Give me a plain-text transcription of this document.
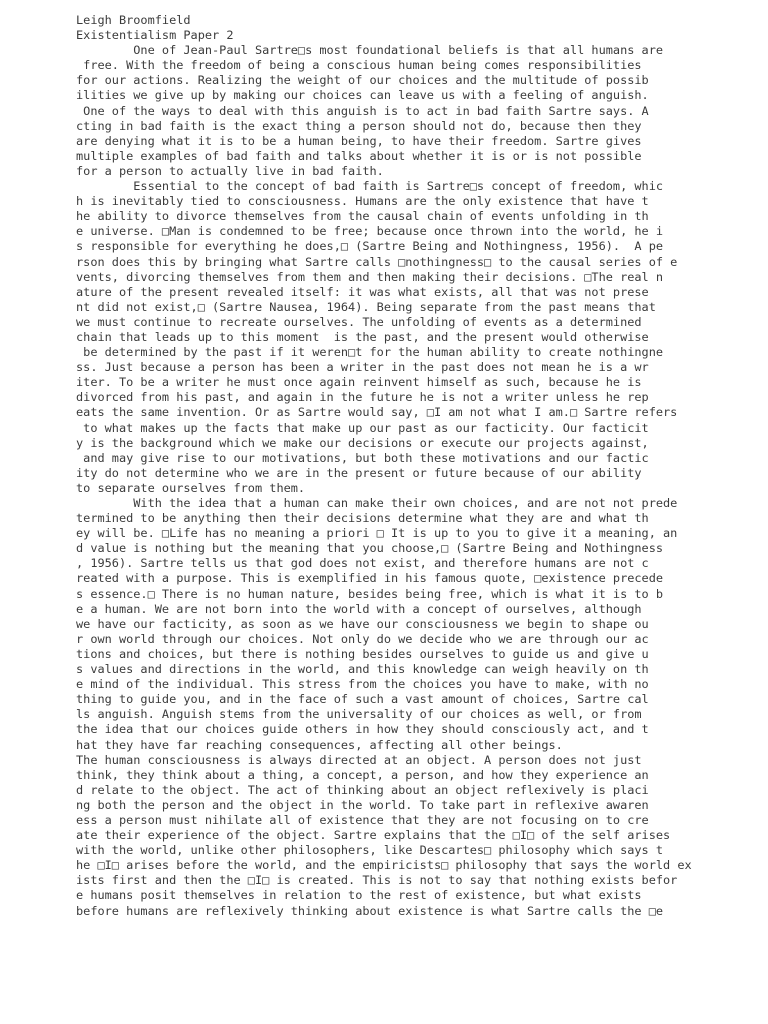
Leigh Broomfield
Existentialism Paper 2
One of Jean-Paul Sartre□s most foundational beliefs is that all humans are
free. With the freedom of being a conscious human being comes responsibilities
for our actions. Realizing the weight of our choices and the multitude of possib
ilities we give up by making our choices can leave us with a feeling of anguish.
One of the ways to deal with this anguish is to act in bad faith Sartre says. A
cting in bad faith is the exact thing a person should not do, because then they
are denying what it is to be a human being, to have their freedom. Sartre gives
multiple examples of bad faith and talks about whether it is or is not possible
for a person to actually live in bad faith.
Essential to the concept of bad faith is Sartre□s concept of freedom, whic
h is inevitably tied to consciousness. Humans are the only existence that have t
he ability to divorce themselves from the causal chain of events unfolding in th
e universe. □Man is condemned to be free; because once thrown into the world, he i
s responsible for everything he does,□ (Sartre Being and Nothingness, 1956).  A pe
rson does this by bringing what Sartre calls □nothingness□ to the causal series of e
vents, divorcing themselves from them and then making their decisions. □The real n
ature of the present revealed itself: it was what exists, all that was not prese
nt did not exist,□ (Sartre Nausea, 1964). Being separate from the past means that
we must continue to recreate ourselves. The unfolding of events as a determined
chain that leads up to this moment  is the past, and the present would otherwise
be determined by the past if it weren□t for the human ability to create nothingne
ss. Just because a person has been a writer in the past does not mean he is a wr
iter. To be a writer he must once again reinvent himself as such, because he is
divorced from his past, and again in the future he is not a writer unless he rep
eats the same invention. Or as Sartre would say, □I am not what I am.□ Sartre refers
to what makes up the facts that make up our past as our facticity. Our facticit
y is the background which we make our decisions or execute our projects against,
and may give rise to our motivations, but both these motivations and our factic
ity do not determine who we are in the present or future because of our ability
to separate ourselves from them.
With the idea that a human can make their own choices, and are not not prede
termined to be anything then their decisions determine what they are and what th
ey will be. □Life has no meaning a priori □ It is up to you to give it a meaning, an
d value is nothing but the meaning that you choose,□ (Sartre Being and Nothingness
, 1956). Sartre tells us that god does not exist, and therefore humans are not c
reated with a purpose. This is exemplified in his famous quote, □existence precede
s essence.□ There is no human nature, besides being free, which is what it is to b
e a human. We are not born into the world with a concept of ourselves, although
we have our facticity, as soon as we have our consciousness we begin to shape ou
r own world through our choices. Not only do we decide who we are through our ac
tions and choices, but there is nothing besides ourselves to guide us and give u
s values and directions in the world, and this knowledge can weigh heavily on th
e mind of the individual. This stress from the choices you have to make, with no
thing to guide you, and in the face of such a vast amount of choices, Sartre cal
ls anguish. Anguish stems from the universality of our choices as well, or from
the idea that our choices guide others in how they should consciously act, and t
hat they have far reaching consequences, affecting all other beings.
The human consciousness is always directed at an object. A person does not just
think, they think about a thing, a concept, a person, and how they experience an
d relate to the object. The act of thinking about an object reflexively is placi
ng both the person and the object in the world. To take part in reflexive awaren
ess a person must nihilate all of existence that they are not focusing on to cre
ate their experience of the object. Sartre explains that the □I□ of the self arises
with the world, unlike other philosophers, like Descartes□ philosophy which says t
he □I□ arises before the world, and the empiricists□ philosophy that says the world ex
ists first and then the □I□ is created. This is not to say that nothing exists befor
e humans posit themselves in relation to the rest of existence, but what exists
before humans are reflexively thinking about existence is what Sartre calls the □e
